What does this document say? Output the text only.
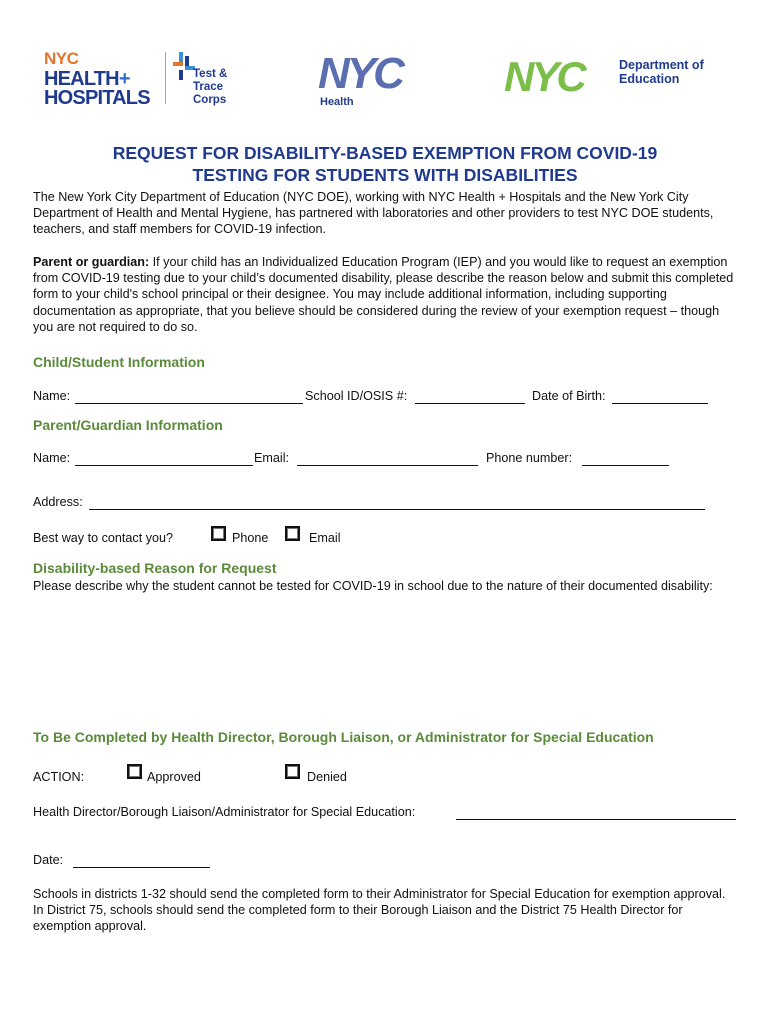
NYC
HEALTH+
HOSPITALS
Test &
Trace
Corps
NYC
Health
NYC	Department of
Education
REQUEST FOR DISABILITY-BASED EXEMPTION FROM COVID-19
TESTING FOR STUDENTS WITH DISABILITIES
The New York City Department of Education (NYC DOE), working with NYC Health + Hospitals and the New York City Department of Health and Mental Hygiene, has partnered with laboratories and other providers to test NYC DOE students, teachers, and staff members for COVID-19 infection.
Parent or guardian: If your child has an Individualized Education Program (IEP) and you would like to request an exemption from COVID-19 testing due to your child’s documented disability, please describe the reason below and submit this completed form to your child's school principal or their designee. You may include additional information, including supporting documentation as appropriate, that you believe should be considered during the review of your exemption request – though you are not required to do so.
Child/Student Information
Name:	School ID/OSIS #:	Date of Birth:
Parent/Guardian Information
Name:	Email:	Phone number:
Address:
Best way to contact you?	Phone	Email
Disability-based Reason for Request
Please describe why the student cannot be tested for COVID-19 in school due to the nature of their documented disability:
To Be Completed by Health Director, Borough Liaison, or Administrator for Special Education
ACTION:	Approved	Denied
Health Director/Borough Liaison/Administrator for Special Education:
Date:
Schools in districts 1-32 should send the completed form to their Administrator for Special Education for exemption approval. In District 75, schools should send the completed form to their Borough Liaison and the District 75 Health Director for exemption approval.
